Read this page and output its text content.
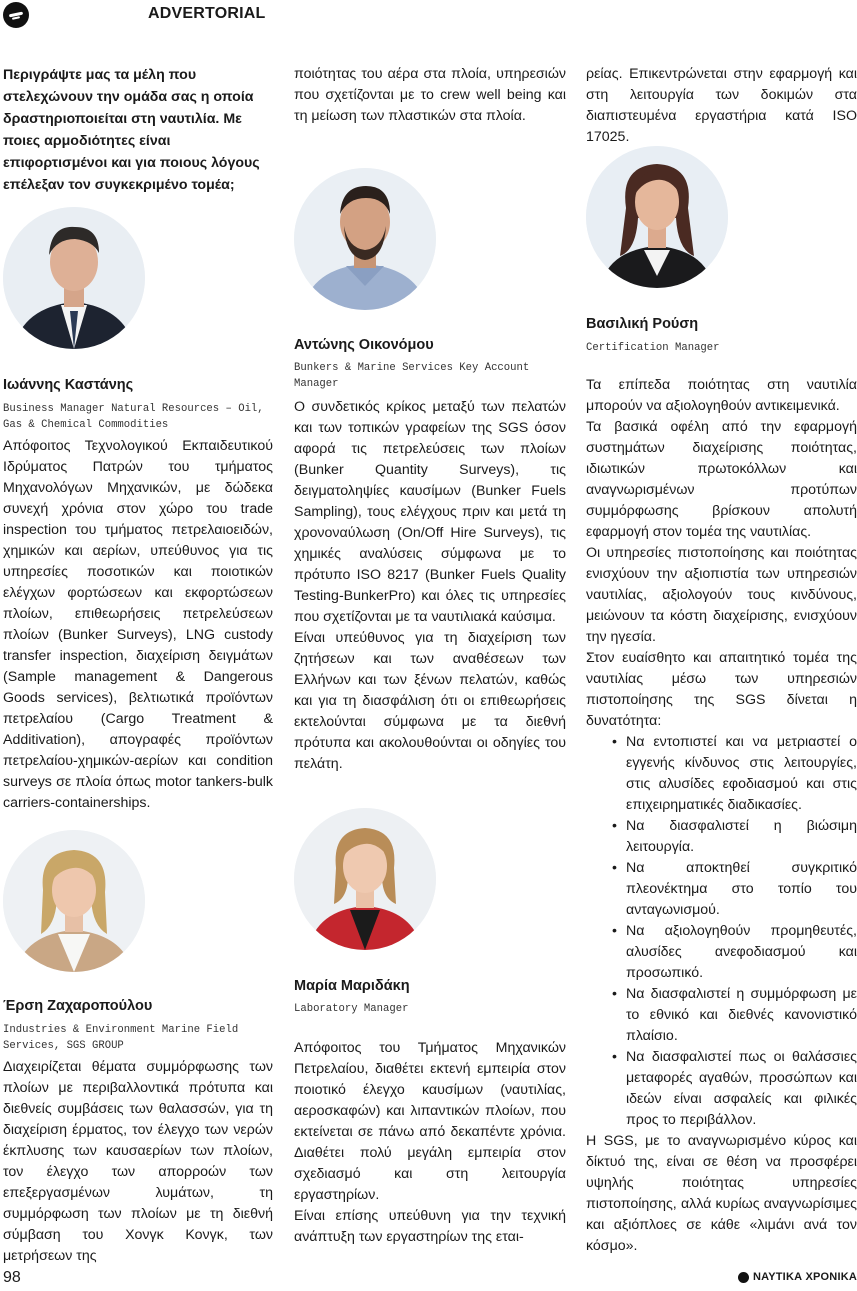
ADVERTORIAL

Περιγράψτε μας τα μέλη που στελεχώνουν την ομάδα σας η οποία δραστηριοποιείται στη ναυτιλία. Με ποιες αρμοδιότητες είναι επιφορτισμένοι και για ποιους λόγους επέλεξαν τον συγκεκριμένο τομέα;

Ιωάννης Καστάνης
Business Manager Natural Resources – Oil, Gas & Chemical Commodities

Απόφοιτος Τεχνολογικού Εκπαιδευτικού Ιδρύματος Πατρών του τμήματος Μηχανολόγων Μηχανικών, με δώδεκα συνεχή χρόνια στον χώρο του trade inspection του τμήματος πετρελαιοειδών, χημικών και αερίων, υπεύθυνος για τις υπηρεσίες ποσοτικών και ποιοτικών ελέγχων φορτώσεων και εκφορτώσεων πλοίων, επιθεωρήσεις πετρελεύσεων πλοίων (Bunker Surveys), LNG custody transfer inspection, διαχείριση δειγμάτων (Sample management & Dangerous Goods services), βελτιωτικά προϊόντων πετρελαίου (Cargo Treatment & Additivation), απογραφές προϊόντων πετρελαίου-χημικών-αερίων και condition surveys σε πλοία όπως motor tankers-bulk carriers-containerships.

Έρση Ζαχαροπούλου
Industries & Environment Marine Field Services, SGS GROUP

Διαχειρίζεται θέματα συμμόρφωσης των πλοίων με περιβαλλοντικά πρότυπα και διεθνείς συμβάσεις των θαλασσών, για τη διαχείριση έρματος, τον έλεγχο των νερών έκπλυσης των καυσαερίων των πλοίων, τον έλεγχο των απορροών των επεξεργασμένων λυμάτων, τη συμμόρφωση των πλοίων με τη διεθνή σύμβαση του Χονγκ Κονγκ, των μετρήσεων της

ποιότητας του αέρα στα πλοία, υπηρεσιών που σχετίζονται με το crew well being και τη μείωση των πλαστικών στα πλοία.

Αντώνης Οικονόμου
Bunkers & Marine Services Key Account Manager

Ο συνδετικός κρίκος μεταξύ των πελατών και των τοπικών γραφείων της SGS όσον αφορά τις πετρελεύσεις των πλοίων (Bunker Quantity Surveys), τις δειγματοληψίες καυσίμων (Bunker Fuels Sampling), τους ελέγχους πριν και μετά τη χρονοναύλωση (On/Off Hire Surveys), τις χημικές αναλύσεις σύμφωνα με το πρότυπο ISO 8217 (Bunker Fuels Quality Testing-BunkerPro) και όλες τις υπηρεσίες που σχετίζονται με τα ναυτιλιακά καύσιμα.

Είναι υπεύθυνος για τη διαχείριση των ζητήσεων και των αναθέσεων των Ελλήνων και των ξένων πελατών, καθώς και για τη διασφάλιση ότι οι επιθεωρήσεις εκτελούνται σύμφωνα με τα διεθνή πρότυπα και ακολουθούνται οι οδηγίες του πελάτη.

Μαρία Μαριδάκη
Laboratory Manager

Απόφοιτος του Τμήματος Μηχανικών Πετρελαίου, διαθέτει εκτενή εμπειρία στον ποιοτικό έλεγχο καυσίμων (ναυτιλίας, αεροσκαφών) και λιπαντικών πλοίων, που εκτείνεται σε πάνω από δεκαπέντε χρόνια. Διαθέτει πολύ μεγάλη εμπειρία στον σχεδιασμό και στη λειτουργία εργαστηρίων.

Είναι επίσης υπεύθυνη για την τεχνική ανάπτυξη των εργαστηρίων της εται-

ρείας. Επικεντρώνεται στην εφαρμογή και στη λειτουργία των δοκιμών στα διαπιστευμένα εργαστήρια κατά ISO 17025.

Βασιλική Ρούση
Certification Manager

Τα επίπεδα ποιότητας στη ναυτιλία μπορούν να αξιολογηθούν αντικειμενικά.

Τα βασικά οφέλη από την εφαρμογή συστημάτων διαχείρισης ποιότητας, ιδιωτικών πρωτοκόλλων και αναγνωρισμένων προτύπων συμμόρφωσης βρίσκουν απολυτή εφαρμογή στον τομέα της ναυτιλίας.

Οι υπηρεσίες πιστοποίησης και ποιότητας ενισχύουν την αξιοπιστία των υπηρεσιών ναυτιλίας, αξιολογούν τους κινδύνους, μειώνουν τα κόστη διαχείρισης, ενισχύουν την ηγεσία.

Στον ευαίσθητο και απαιτητικό τομέα της ναυτιλίας μέσω των υπηρεσιών πιστοποίησης της SGS δίνεται η δυνατότητα:

• Να εντοπιστεί και να μετριαστεί ο εγγενής κίνδυνος στις λειτουργίες, στις αλυσίδες εφοδιασμού και στις επιχειρηματικές διαδικασίες.
• Να διασφαλιστεί η βιώσιμη λειτουργία.
• Να αποκτηθεί συγκριτικό πλεονέκτημα στο τοπίο του ανταγωνισμού.
• Να αξιολογηθούν προμηθευτές, αλυσίδες ανεφοδιασμού και προσωπικό.
• Να διασφαλιστεί η συμμόρφωση με το εθνικό και διεθνές κανονιστικό πλαίσιο.
• Να διασφαλιστεί πως οι θαλάσσιες μεταφορές αγαθών, προσώπων και ιδεών είναι ασφαλείς και φιλικές προς το περιβάλλον.

Η SGS, με το αναγνωρισμένο κύρος και δίκτυό της, είναι σε θέση να προσφέρει υψηλής ποιότητας υπηρεσίες πιστοποίησης, αλλά κυρίως αναγνωρίσιμες και αξιόπλοες σε κάθε «λιμάνι ανά τον κόσμο».

98	ΝΑΥΤΙΚΑ ΧΡΟΝΙΚΑ
